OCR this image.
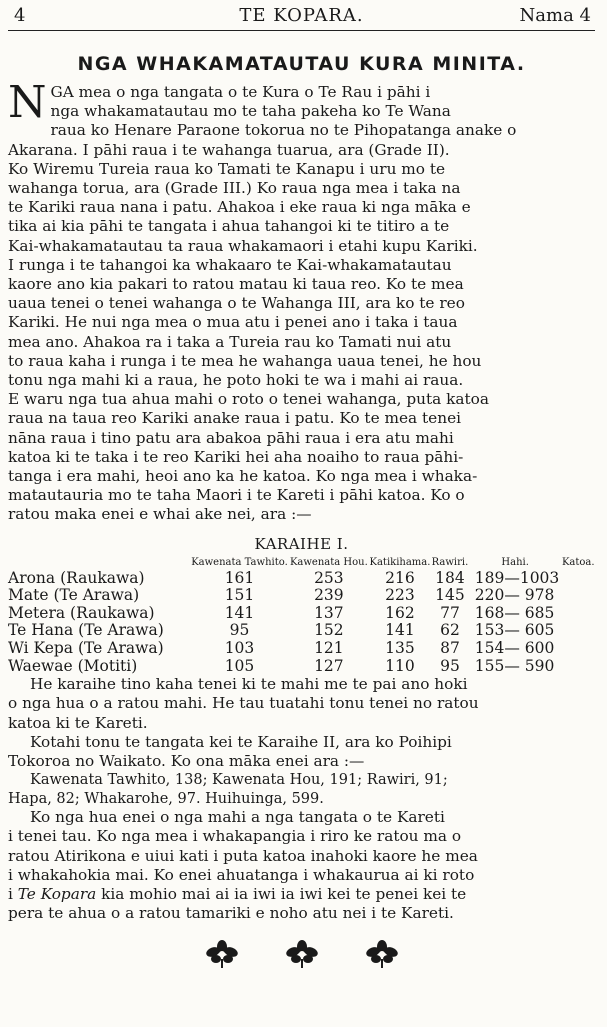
4	TE KOPARA.	Nama 4
NGA WHAKAMATAUTAU KURA MINITA.
N GA mea o nga tangata o te Kura o Te Rau i pāhi i
nga whakamatautau mo te taha pakeha ko Te Wana
raua ko Henare Paraone tokorua no te Pihopatanga anake o
Akarana. I pāhi raua i te wahanga tuarua, ara (Grade II).
Ko Wiremu Tureia raua ko Tamati te Kanapu i uru mo te
wahanga torua, ara (Grade III.) Ko raua nga mea i taka na
te Kariki raua nana i patu. Ahakoa i eke raua ki nga māka e
tika ai kia pāhi te tangata i ahua tahangoi ki te titiro a te
Kai-whakamatautau ta raua whakamaori i etahi kupu Kariki.
I runga i te tahangoi ka whakaaro te Kai-whakamatautau
kaore ano kia pakari to ratou matau ki taua reo. Ko te mea
uaua tenei o tenei wahanga o te Wahanga III, ara ko te reo
Kariki. He nui nga mea o mua atu i penei ano i taka i taua
mea ano. Ahakoa ra i taka a Tureia rau ko Tamati nui atu
to raua kaha i runga i te mea he wahanga uaua tenei, he hou
tonu nga mahi ki a raua, he poto hoki te wa i mahi ai raua.
E waru nga tua ahua mahi o roto o tenei wahanga, puta katoa
raua na taua reo Kariki anake raua i patu. Ko te mea tenei
nāna raua i tino patu ara abakoa pāhi raua i era atu mahi
katoa ki te taka i te reo Kariki hei aha noaiho to raua pāhi-
tanga i era mahi, heoi ano ka he katoa. Ko nga mea i whaka-
matautauria mo te taha Maori i te Kareti i pāhi katoa. Ko o
ratou maka enei e whai ake nei, ara :—
KARAIHE I.
	Kawenata Tawhito.	Kawenata Hou.	Katikihama.	Rawiri.	Hahi.	Katoa.
Arona (Raukawa)	161	253	216	184	189—1003	
Mate (Te Arawa)	151	239	223	145	220— 978	
Metera (Raukawa)	141	137	162	77	168— 685	
Te Hana (Te Arawa)	95	152	141	62	153— 605	
Wi Kepa (Te Arawa)	103	121	135	87	154— 600	
Waewae (Motiti)	105	127	110	95	155— 590	
He karaihe tino kaha tenei ki te mahi me te pai ano hoki
o nga hua o a ratou mahi. He tau tuatahi tonu tenei no ratou
katoa ki te Kareti.
Kotahi tonu te tangata kei te Karaihe II, ara ko Poihipi
Tokoroa no Waikato. Ko ona māka enei ara :—
Kawenata Tawhito, 138; Kawenata Hou, 191; Rawiri, 91;
Hapa, 82; Whakarohe, 97. Huihuinga, 599.
Ko nga hua enei o nga mahi a nga tangata o te Kareti
i tenei tau. Ko nga mea i whakapangia i riro ke ratou ma o
ratou Atirikona e uiui kati i puta katoa inahoki kaore he mea
i whakahokia mai. Ko enei ahuatanga i whakaurua ai ki roto
i Te Kopara kia mohio mai ai ia iwi ia iwi kei te penei kei te
pera te ahua o a ratou tamariki e noho atu nei i te Kareti.
